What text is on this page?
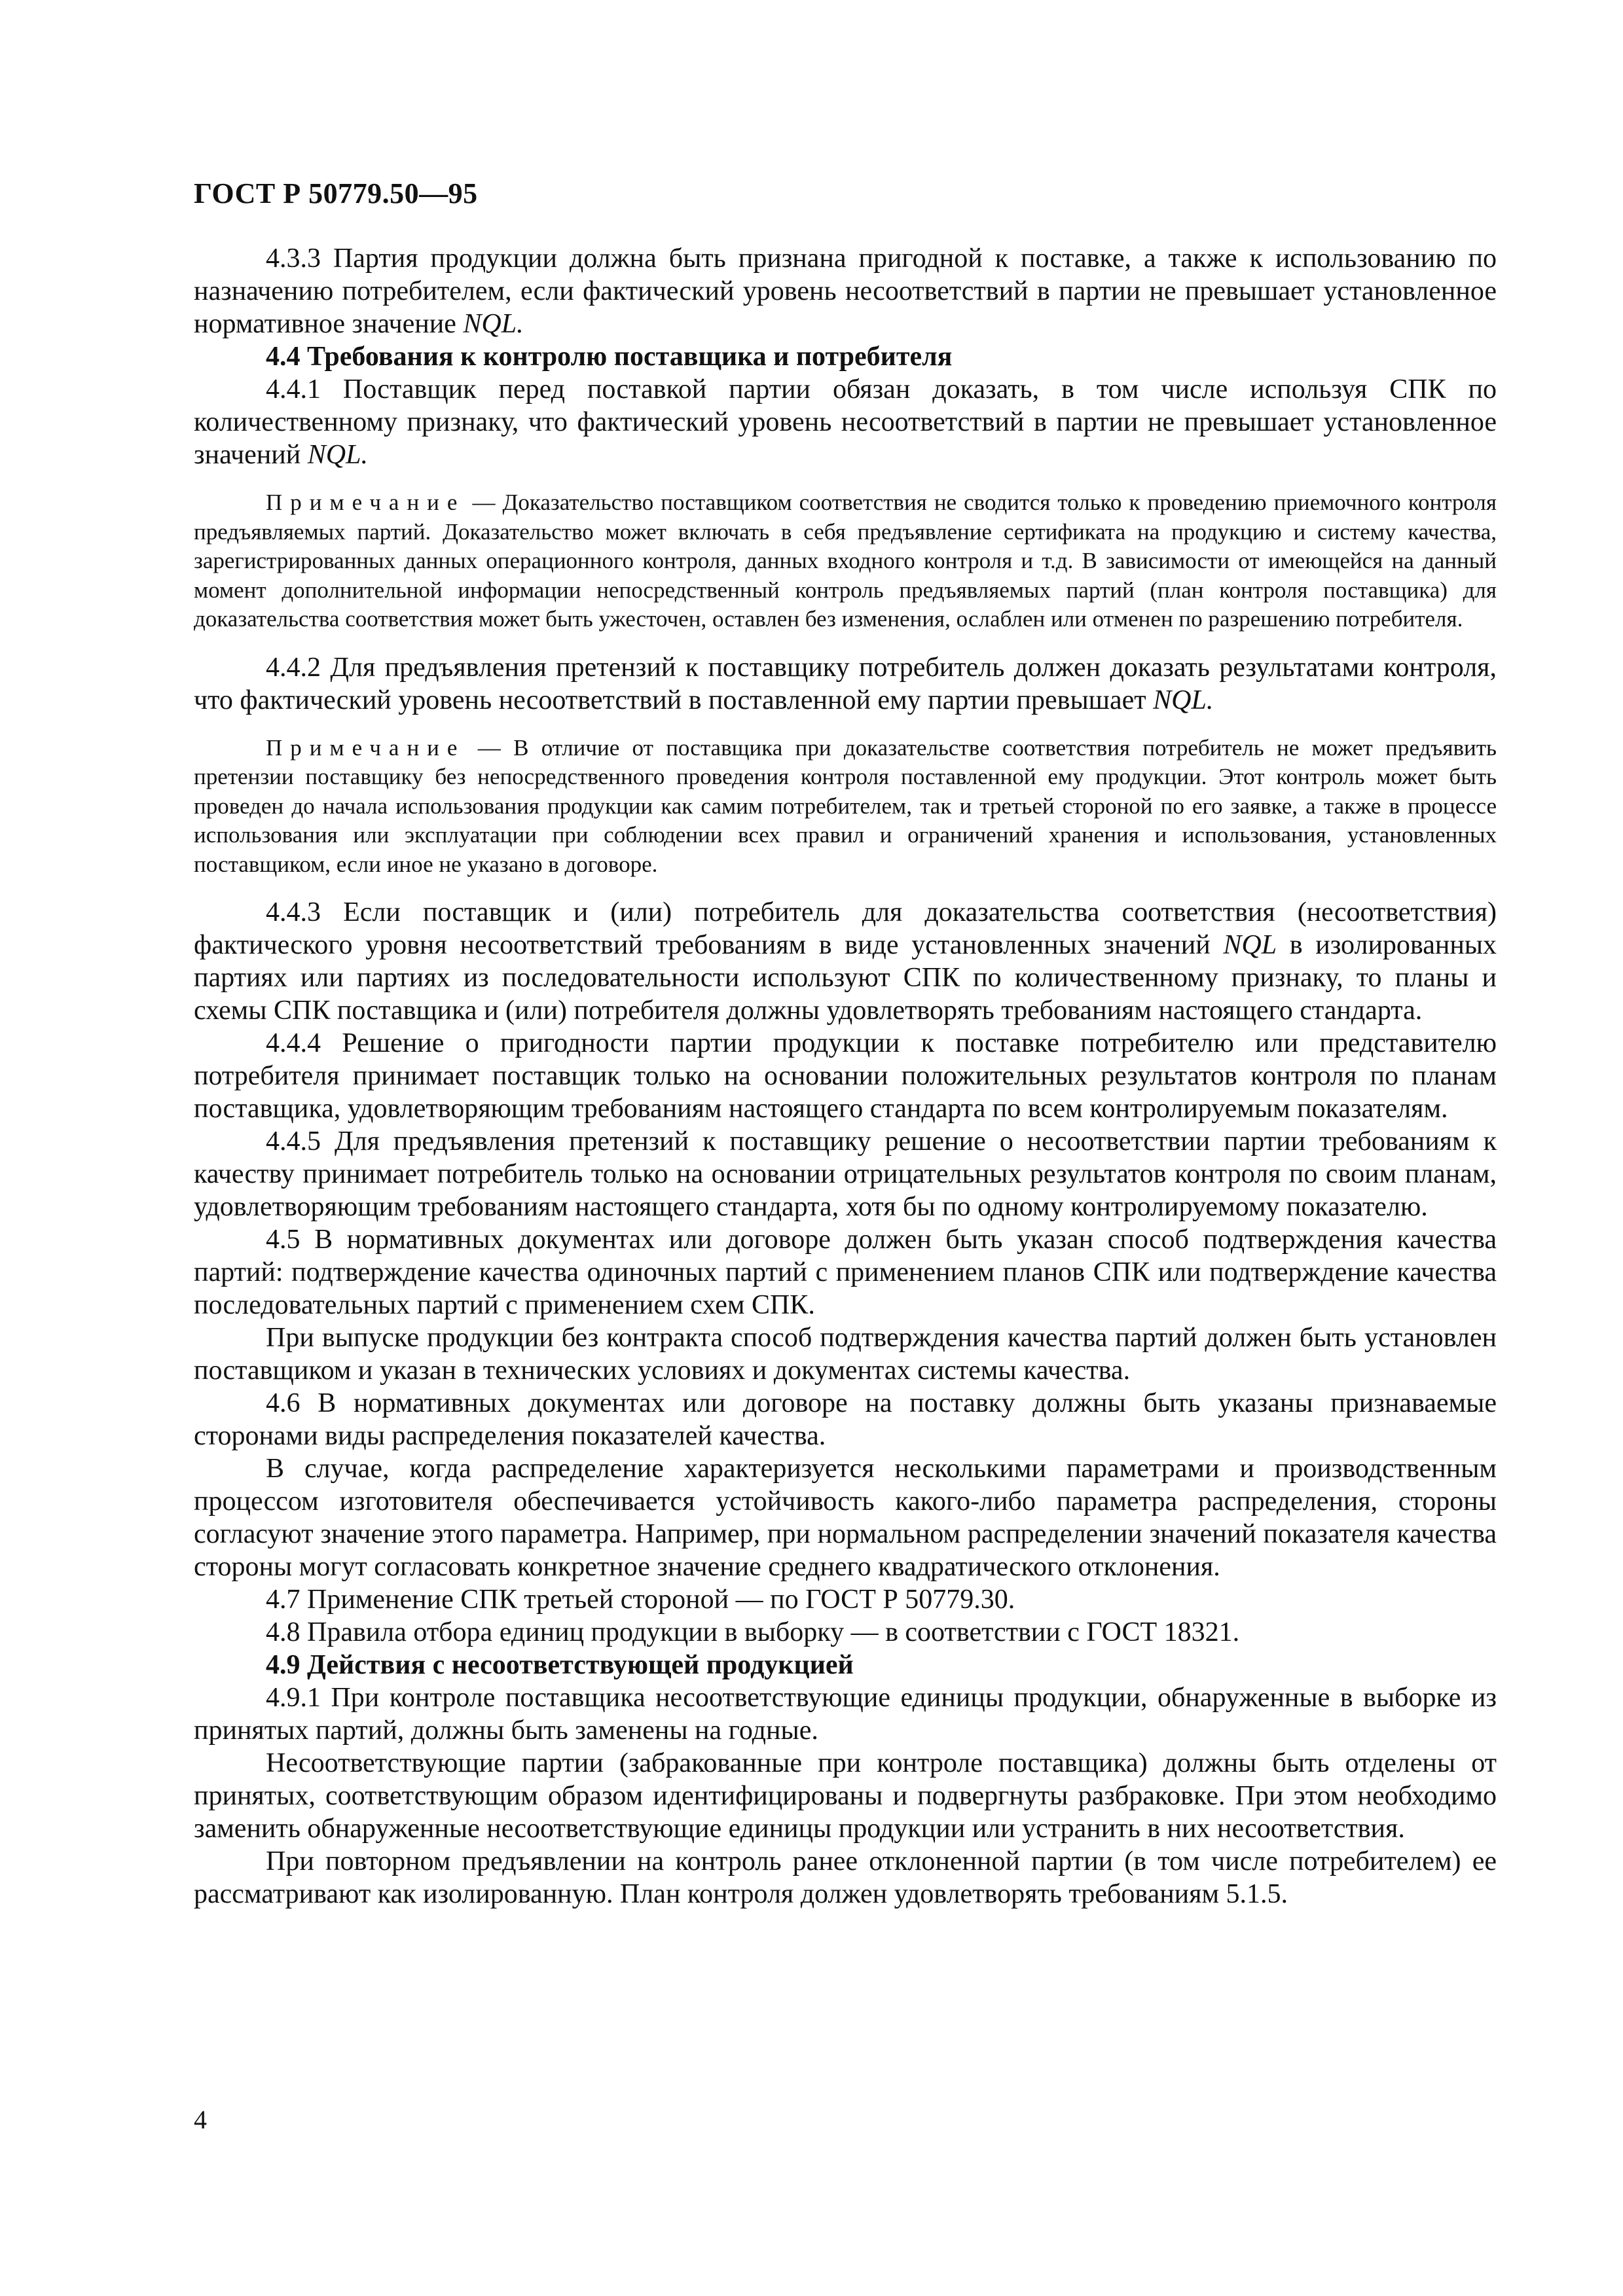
ГОСТ Р 50779.50—95

4.3.3 Партия продукции должна быть признана пригодной к поставке, а также к использованию по назначению потребителем, если фактический уровень несоответствий в партии не превышает установленное нормативное значение NQL.

4.4 Требования к контролю поставщика и потребителя

4.4.1 Поставщик перед поставкой партии обязан доказать, в том числе используя СПК по количественному признаку, что фактический уровень несоответствий в партии не превышает установленное значений NQL.

Примечание — Доказательство поставщиком соответствия не сводится только к проведению приемочного контроля предъявляемых партий. Доказательство может включать в себя предъявление сертификата на продукцию и систему качества, зарегистрированных данных операционного контроля, данных входного контроля и т.д. В зависимости от имеющейся на данный момент дополнительной информации непосредственный контроль предъявляемых партий (план контроля поставщика) для доказательства соответствия может быть ужесточен, оставлен без изменения, ослаблен или отменен по разрешению потребителя.

4.4.2 Для предъявления претензий к поставщику потребитель должен доказать результатами контроля, что фактический уровень несоответствий в поставленной ему партии превышает NQL.

Примечание — В отличие от поставщика при доказательстве соответствия потребитель не может предъявить претензии поставщику без непосредственного проведения контроля поставленной ему продукции. Этот контроль может быть проведен до начала использования продукции как самим потребителем, так и третьей стороной по его заявке, а также в процессе использования или эксплуатации при соблюдении всех правил и ограничений хранения и использования, установленных поставщиком, если иное не указано в договоре.

4.4.3 Если поставщик и (или) потребитель для доказательства соответствия (несоответствия) фактического уровня несоответствий требованиям в виде установленных значений NQL в изолированных партиях или партиях из последовательности используют СПК по количественному признаку, то планы и схемы СПК поставщика и (или) потребителя должны удовлетворять требованиям настоящего стандарта.

4.4.4 Решение о пригодности партии продукции к поставке потребителю или представителю потребителя принимает поставщик только на основании положительных результатов контроля по планам поставщика, удовлетворяющим требованиям настоящего стандарта по всем контролируемым показателям.

4.4.5 Для предъявления претензий к поставщику решение о несоответствии партии требованиям к качеству принимает потребитель только на основании отрицательных результатов контроля по своим планам, удовлетворяющим требованиям настоящего стандарта, хотя бы по одному контролируемому показателю.

4.5 В нормативных документах или договоре должен быть указан способ подтверждения качества партий: подтверждение качества одиночных партий с применением планов СПК или подтверждение качества последовательных партий с применением схем СПК.

При выпуске продукции без контракта способ подтверждения качества партий должен быть установлен поставщиком и указан в технических условиях и документах системы качества.

4.6 В нормативных документах или договоре на поставку должны быть указаны признаваемые сторонами виды распределения показателей качества.

В случае, когда распределение характеризуется несколькими параметрами и производственным процессом изготовителя обеспечивается устойчивость какого-либо параметра распределения, стороны согласуют значение этого параметра. Например, при нормальном распределении значений показателя качества стороны могут согласовать конкретное значение среднего квадратического отклонения.

4.7 Применение СПК третьей стороной — по ГОСТ Р 50779.30.

4.8 Правила отбора единиц продукции в выборку — в соответствии с ГОСТ 18321.

4.9 Действия с несоответствующей продукцией

4.9.1 При контроле поставщика несоответствующие единицы продукции, обнаруженные в выборке из принятых партий, должны быть заменены на годные.

Несоответствующие партии (забракованные при контроле поставщика) должны быть отделены от принятых, соответствующим образом идентифицированы и подвергнуты разбраковке. При этом необходимо заменить обнаруженные несоответствующие единицы продукции или устранить в них несоответствия.

При повторном предъявлении на контроль ранее отклоненной партии (в том числе потребителем) ее рассматривают как изолированную. План контроля должен удовлетворять требованиям 5.1.5.

4
